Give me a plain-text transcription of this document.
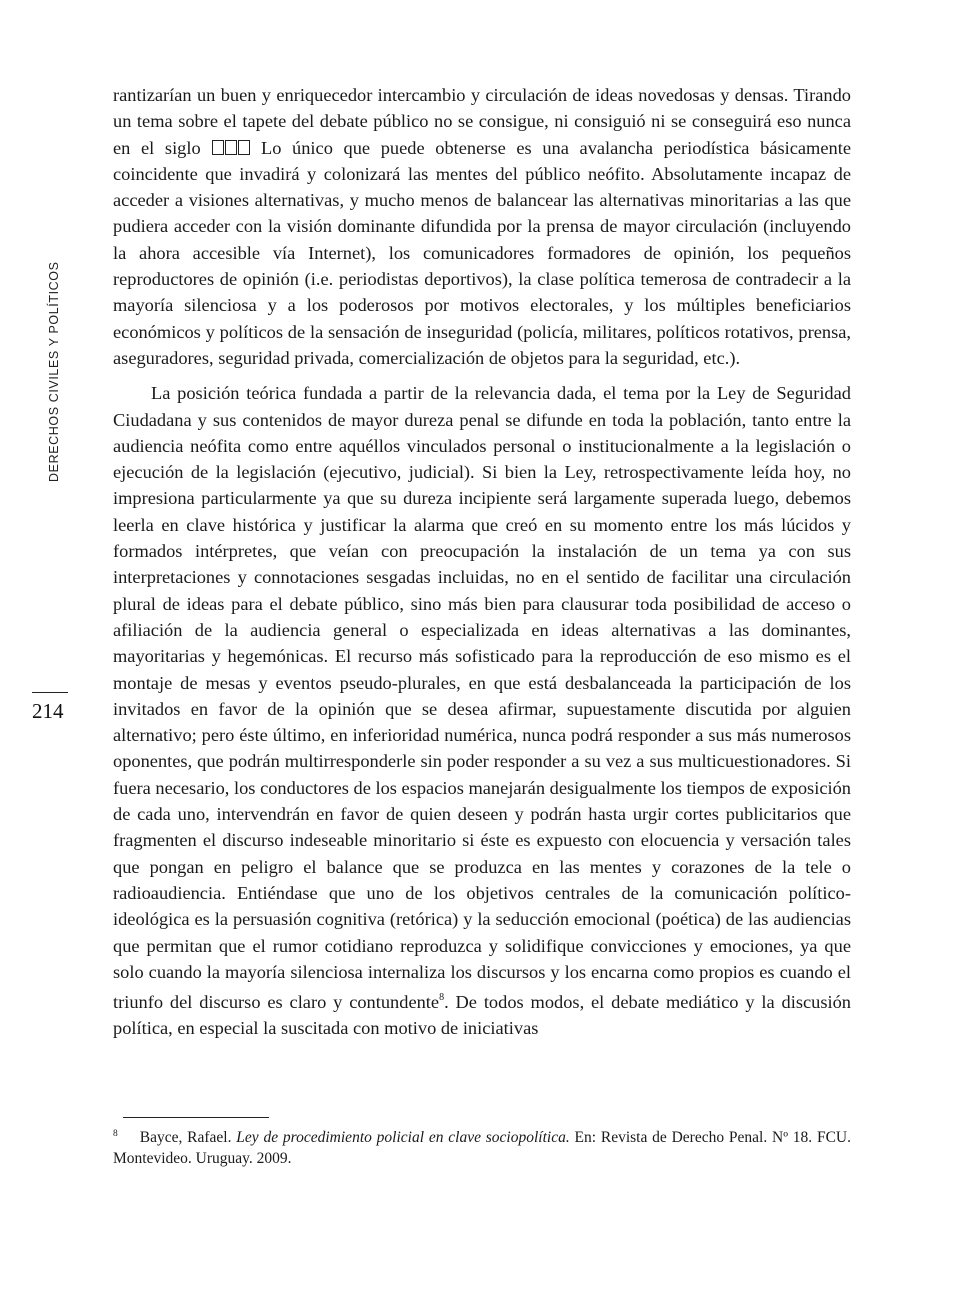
DERECHOS CIVILES Y POLÍTICOS
214

rantizarían un buen y enriquecedor intercambio y circulación de ideas novedosas y densas. Tirando un tema sobre el tapete del debate público no se consigue, ni consiguió ni se conseguirá eso nunca en el siglo	Lo único que puede obtenerse es una avalancha periodística básicamente coincidente que invadirá y colonizará las mentes del público neófito. Absolutamente incapaz de acceder a visiones alternativas, y mucho menos de balancear las alternativas minoritarias a las que pudiera acceder con la visión dominante difundida por la prensa de mayor circulación (incluyendo la ahora accesible vía Internet), los comunicadores formadores de opinión, los pequeños reproductores de opinión (i.e. periodistas deportivos), la clase política temerosa de contradecir a la mayoría silenciosa y a los poderosos por motivos electorales, y los múltiples beneficiarios económicos y políticos de la sensación de inseguridad (policía, militares, políticos rotativos, prensa, aseguradores, seguridad privada, comercialización de objetos para la seguridad, etc.).

La posición teórica fundada a partir de la relevancia dada, el tema por la Ley de Seguridad Ciudadana y sus contenidos de mayor dureza penal se difunde en toda la población, tanto entre la audiencia neófita como entre aquéllos vinculados personal o institucionalmente a la legislación o ejecución de la legislación (ejecutivo, judicial). Si bien la Ley, retrospectivamente leída hoy, no impresiona particularmente ya que su dureza incipiente será largamente superada luego, debemos leerla en clave histórica y justificar la alarma que creó en su momento entre los más lúcidos y formados intérpretes, que veían con preocupación la instalación de un tema ya con sus interpretaciones y connotaciones sesgadas incluidas, no en el sentido de facilitar una circulación plural de ideas para el debate público, sino más bien para clausurar toda posibilidad de acceso o afiliación de la audiencia general o especializada en ideas alternativas a las dominantes, mayoritarias y hegemónicas. El recurso más sofisticado para la reproducción de eso mismo es el montaje de mesas y eventos pseudo-plurales, en que está desbalanceada la participación de los invitados en favor de la opinión que se desea afirmar, supuestamente discutida por alguien alternativo; pero éste último, en inferioridad numérica, nunca podrá responder a sus más numerosos oponentes, que podrán multirresponderle sin poder responder a su vez a sus multicuestionadores. Si fuera necesario, los conductores de los espacios manejarán desigualmente los tiempos de exposición de cada uno, intervendrán en favor de quien deseen y podrán hasta urgir cortes publicitarios que fragmenten el discurso indeseable minoritario si éste es expuesto con elocuencia y versación tales que pongan en peligro el balance que se produzca en las mentes y corazones de la tele o radioaudiencia. Entiéndase que uno de los objetivos centrales de la comunicación político-ideológica es la persuasión cognitiva (retórica) y la seducción emocional (poética) de las audiencias que permitan que el rumor cotidiano reproduzca y solidifique convicciones y emociones, ya que solo cuando la mayoría silenciosa internaliza los discursos y los encarna como propios es cuando el triunfo del discurso es claro y contundente$^8$. De todos modos, el debate mediático y la discusión política, en especial la suscitada con motivo de iniciativas

$^8$ Bayce, Rafael. Ley de procedimiento policial en clave sociopolítica. En: Revista de Derecho Penal. Nº 18. FCU. Montevideo. Uruguay. 2009.
